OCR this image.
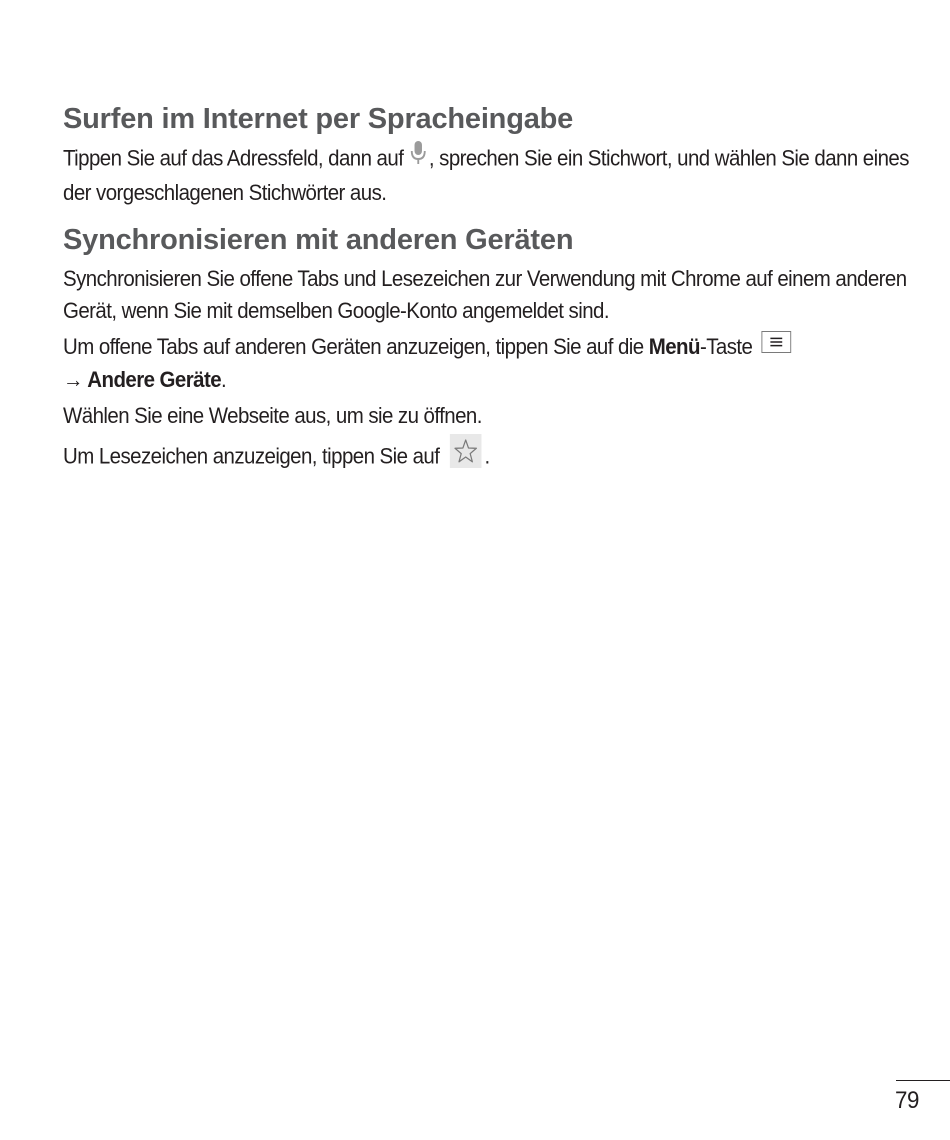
Surfen im Internet per Spracheingabe

Tippen Sie auf das Adressfeld, dann auf , sprechen Sie ein Stichwort, und wählen Sie dann eines der vorgeschlagenen Stichwörter aus.

Synchronisieren mit anderen Geräten

Synchronisieren Sie offene Tabs und Lesezeichen zur Verwendung mit Chrome auf einem anderen Gerät, wenn Sie mit demselben Google-Konto angemeldet sind.

Um offene Tabs auf anderen Geräten anzuzeigen, tippen Sie auf die Menü-Taste
→ Andere Geräte.

Wählen Sie eine Webseite aus, um sie zu öffnen.

Um Lesezeichen anzuzeigen, tippen Sie auf .

79
